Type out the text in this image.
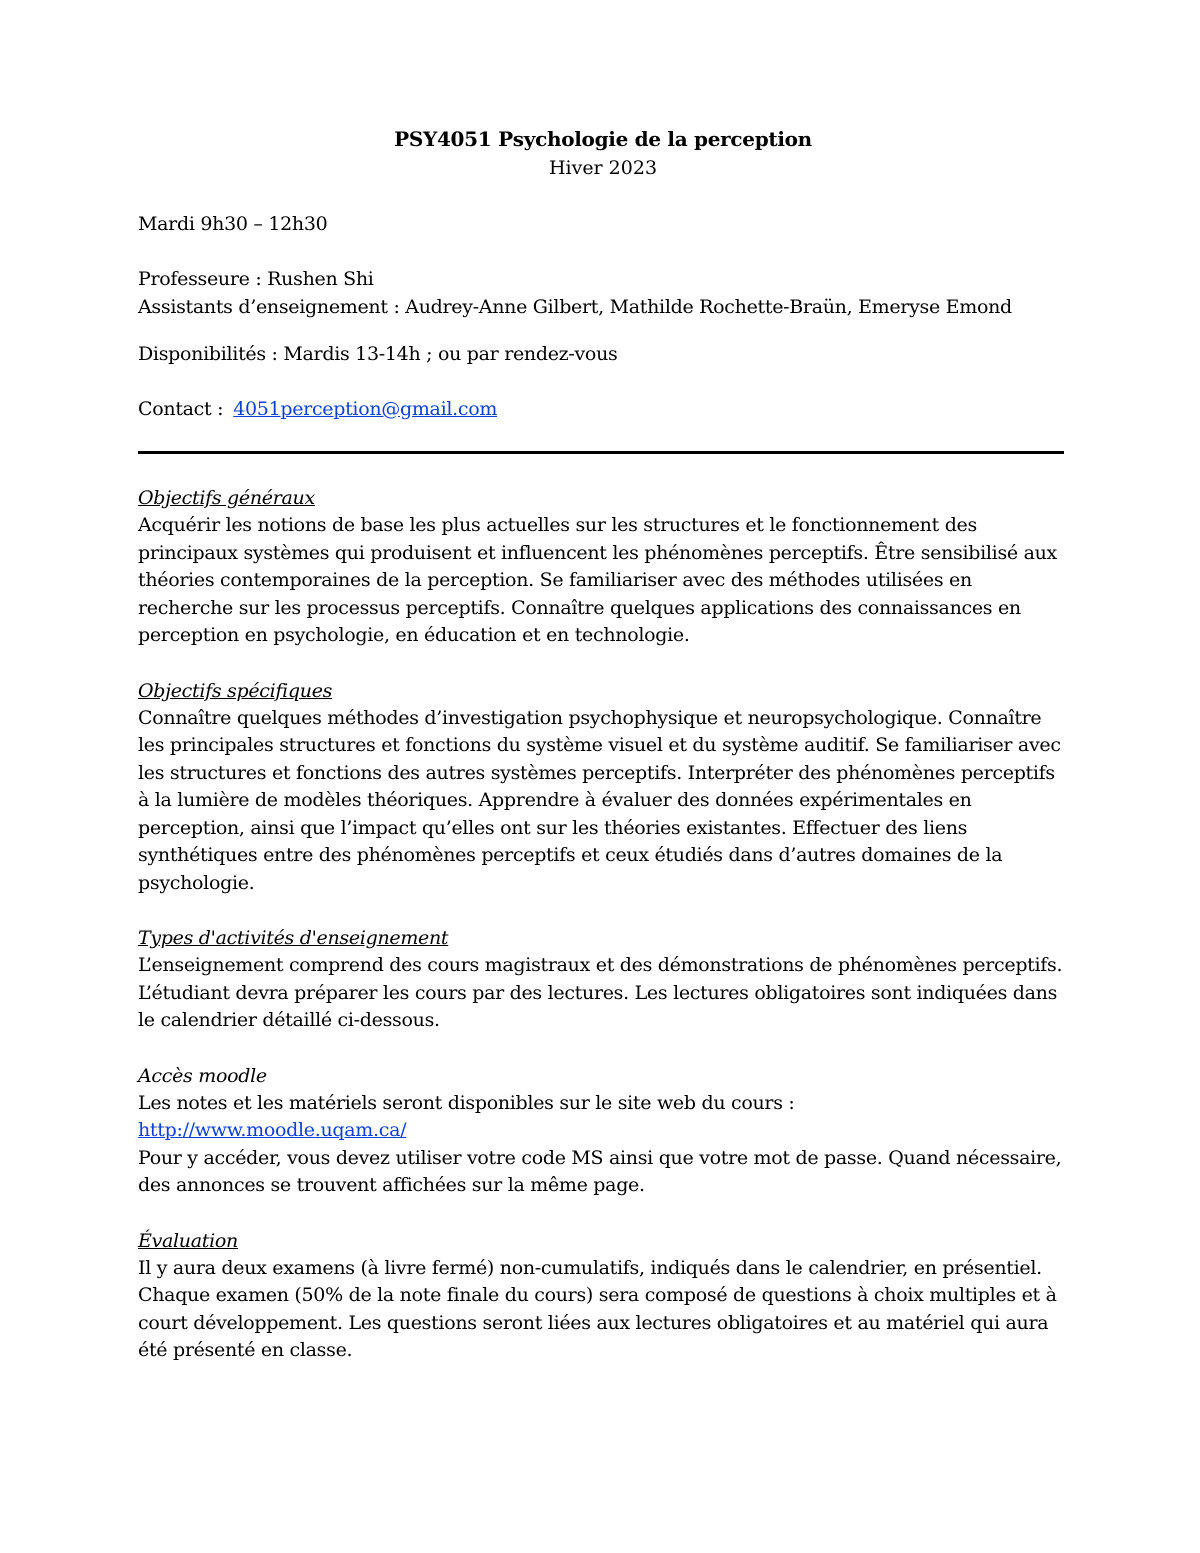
PSY4051 Psychologie de la perception
Hiver 2023
Mardi 9h30 – 12h30
Professeure : Rushen Shi
Assistants d’enseignement : Audrey-Anne Gilbert, Mathilde Rochette-Braün, Emeryse Emond
Disponibilités : Mardis 13-14h ; ou par rendez-vous
Contact : 4051perception@gmail.com
Objectifs généraux
Acquérir les notions de base les plus actuelles sur les structures et le fonctionnement des principaux systèmes qui produisent et influencent les phénomènes perceptifs. Être sensibilisé aux théories contemporaines de la perception. Se familiariser avec des méthodes utilisées en recherche sur les processus perceptifs. Connaître quelques applications des connaissances en perception en psychologie, en éducation et en technologie.
Objectifs spécifiques
Connaître quelques méthodes d’investigation psychophysique et neuropsychologique. Connaître les principales structures et fonctions du système visuel et du système auditif. Se familiariser avec les structures et fonctions des autres systèmes perceptifs. Interpréter des phénomènes perceptifs à la lumière de modèles théoriques. Apprendre à évaluer des données expérimentales en perception, ainsi que l’impact qu’elles ont sur les théories existantes. Effectuer des liens synthétiques entre des phénomènes perceptifs et ceux étudiés dans d’autres domaines de la psychologie.
Types d'activités d'enseignement
L’enseignement comprend des cours magistraux et des démonstrations de phénomènes perceptifs. L’étudiant devra préparer les cours par des lectures. Les lectures obligatoires sont indiquées dans le calendrier détaillé ci-dessous.
Accès moodle
Les notes et les matériels seront disponibles sur le site web du cours :
http://www.moodle.uqam.ca/
Pour y accéder, vous devez utiliser votre code MS ainsi que votre mot de passe. Quand nécessaire, des annonces se trouvent affichées sur la même page.
Évaluation
Il y aura deux examens (à livre fermé) non-cumulatifs, indiqués dans le calendrier, en présentiel. Chaque examen (50% de la note finale du cours) sera composé de questions à choix multiples et à court développement. Les questions seront liées aux lectures obligatoires et au matériel qui aura été présenté en classe.
